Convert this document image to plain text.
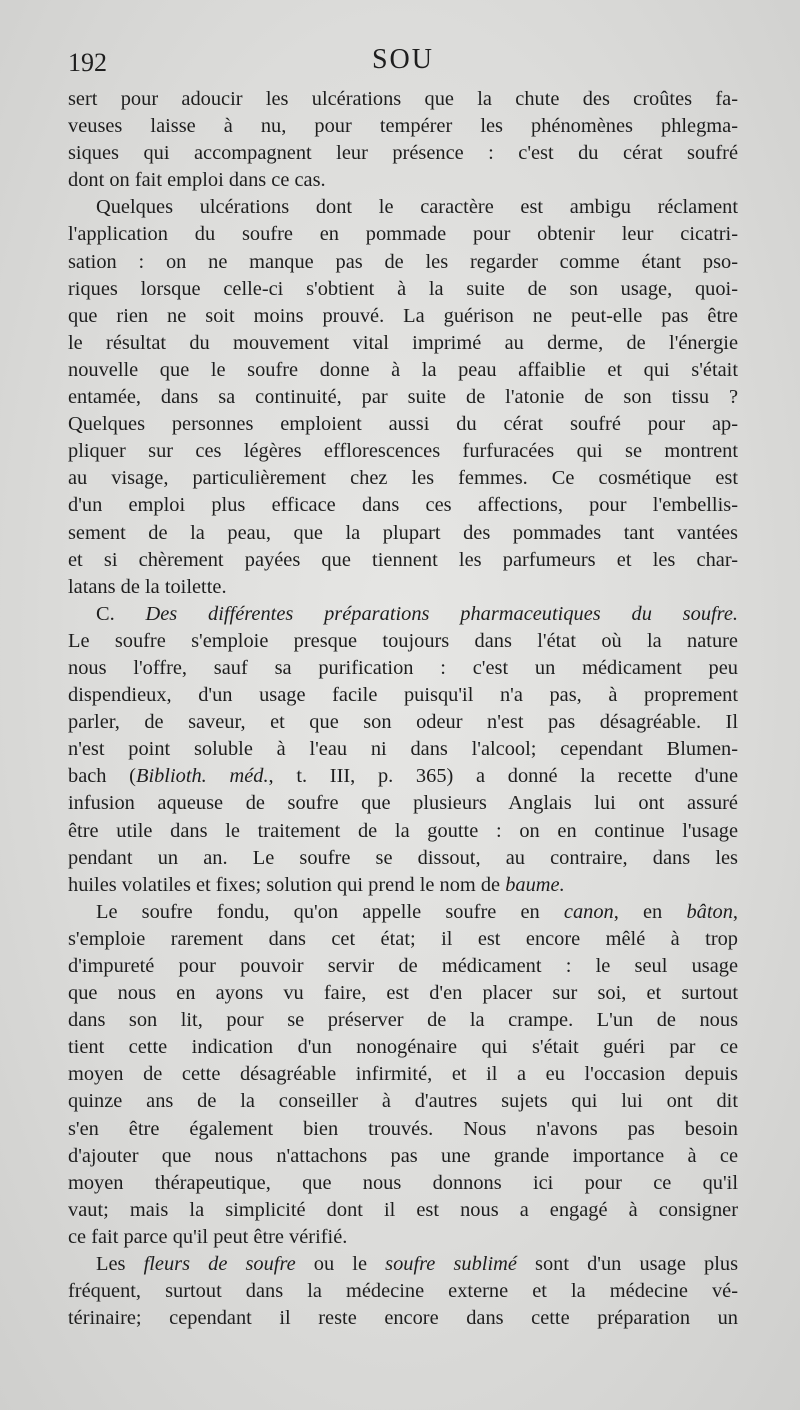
192	SOU
sert pour adoucir les ulcérations que la chute des croûtes fa-
veuses laisse à nu, pour tempérer les phénomènes phlegma-
siques qui accompagnent leur présence : c'est du cérat soufré
dont on fait emploi dans ce cas.
Quelques ulcérations dont le caractère est ambigu réclament
l'application du soufre en pommade pour obtenir leur cicatri-
sation : on ne manque pas de les regarder comme étant pso-
riques lorsque celle-ci s'obtient à la suite de son usage, quoi-
que rien ne soit moins prouvé. La guérison ne peut-elle pas être
le résultat du mouvement vital imprimé au derme, de l'énergie
nouvelle que le soufre donne à la peau affaiblie et qui s'était
entamée, dans sa continuité, par suite de l'atonie de son tissu ?
Quelques personnes emploient aussi du cérat soufré pour ap-
pliquer sur ces légères efflorescences furfuracées qui se montrent
au visage, particulièrement chez les femmes. Ce cosmétique est
d'un emploi plus efficace dans ces affections, pour l'embellis-
sement de la peau, que la plupart des pommades tant vantées
et si chèrement payées que tiennent les parfumeurs et les char-
latans de la toilette.
C. Des différentes préparations pharmaceutiques du soufre.
Le soufre s'emploie presque toujours dans l'état où la nature
nous l'offre, sauf sa purification : c'est un médicament peu
dispendieux, d'un usage facile puisqu'il n'a pas, à proprement
parler, de saveur, et que son odeur n'est pas désagréable. Il
n'est point soluble à l'eau ni dans l'alcool; cependant Blumen-
bach (Biblioth. méd., t. III, p. 365) a donné la recette d'une
infusion aqueuse de soufre que plusieurs Anglais lui ont assuré
être utile dans le traitement de la goutte : on en continue l'usage
pendant un an. Le soufre se dissout, au contraire, dans les
huiles volatiles et fixes; solution qui prend le nom de baume.
Le soufre fondu, qu'on appelle soufre en canon, en bâton,
s'emploie rarement dans cet état; il est encore mêlé à trop
d'impureté pour pouvoir servir de médicament : le seul usage
que nous en ayons vu faire, est d'en placer sur soi, et surtout
dans son lit, pour se préserver de la crampe. L'un de nous
tient cette indication d'un nonogénaire qui s'était guéri par ce
moyen de cette désagréable infirmité, et il a eu l'occasion depuis
quinze ans de la conseiller à d'autres sujets qui lui ont dit
s'en être également bien trouvés. Nous n'avons pas besoin
d'ajouter que nous n'attachons pas une grande importance à ce
moyen thérapeutique, que nous donnons ici pour ce qu'il
vaut; mais la simplicité dont il est nous a engagé à consigner
ce fait parce qu'il peut être vérifié.
Les fleurs de soufre ou le soufre sublimé sont d'un usage plus
fréquent, surtout dans la médecine externe et la médecine vé-
térinaire; cependant il reste encore dans cette préparation un
